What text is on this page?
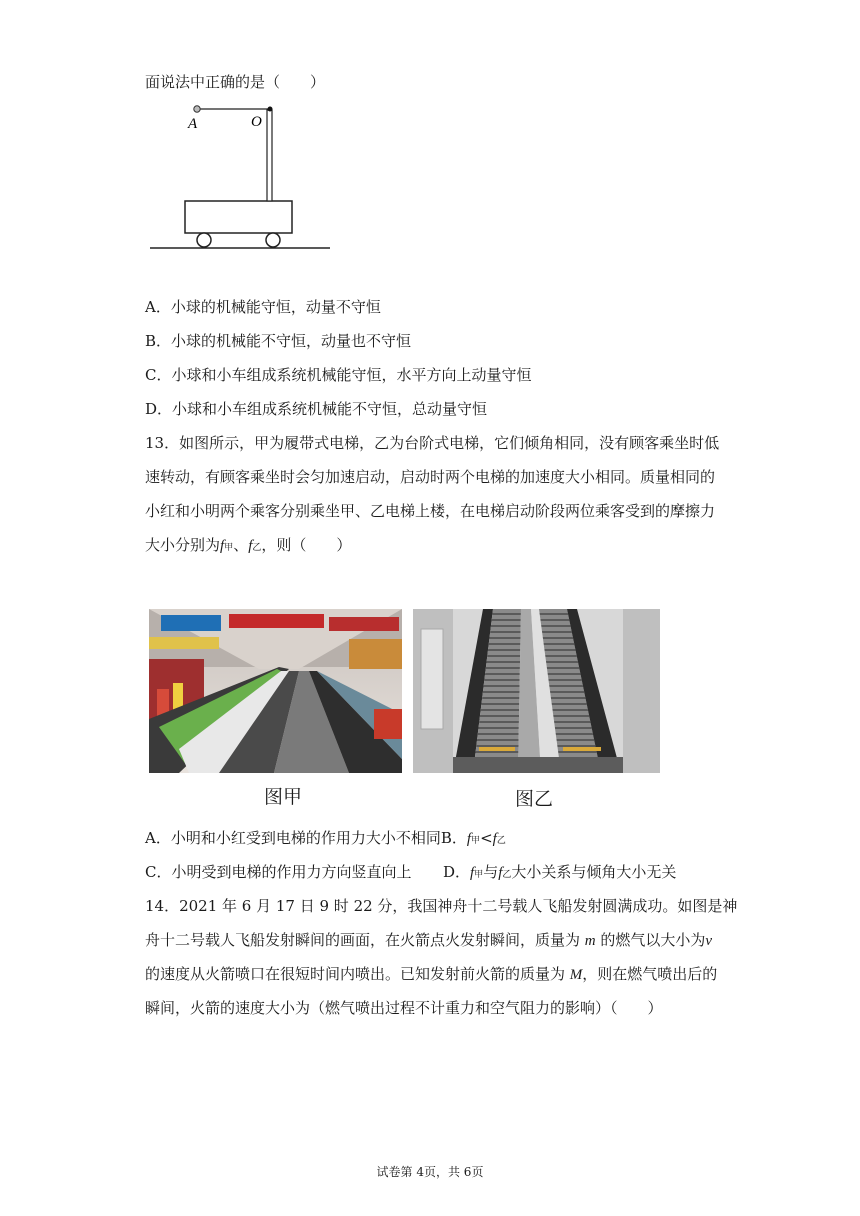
面说法中正确的是（　　）
A	O
A．小球的机械能守恒，动量不守恒
B．小球的机械能不守恒，动量也不守恒
C．小球和小车组成系统机械能守恒，水平方向上动量守恒
D．小球和小车组成系统机械能不守恒，总动量守恒
13．如图所示，甲为履带式电梯，乙为台阶式电梯，它们倾角相同，没有顾客乘坐时低
速转动，有顾客乘坐时会匀加速启动，启动时两个电梯的加速度大小相同。质量相同的
小红和小明两个乘客分别乘坐甲、乙电梯上楼，在电梯启动阶段两位乘客受到的摩擦力
大小分别为f甲、f乙，则（　　）
图甲	图乙
A．小明和小红受到电梯的作用力大小不相同B．f甲<f乙
C．小明受到电梯的作用力方向竖直向上 D．f甲与f乙大小关系与倾角大小无关
14．2021 年 6 月 17 日 9 时 22 分，我国神舟十二号载人飞船发射圆满成功。如图是神
舟十二号载人飞船发射瞬间的画面，在火箭点火发射瞬间，质量为 m 的燃气以大小为v
的速度从火箭喷口在很短时间内喷出。已知发射前火箭的质量为 M，则在燃气喷出后的
瞬间，火箭的速度大小为（燃气喷出过程不计重力和空气阻力的影响）（　　）
试卷第 4页，共 6页
